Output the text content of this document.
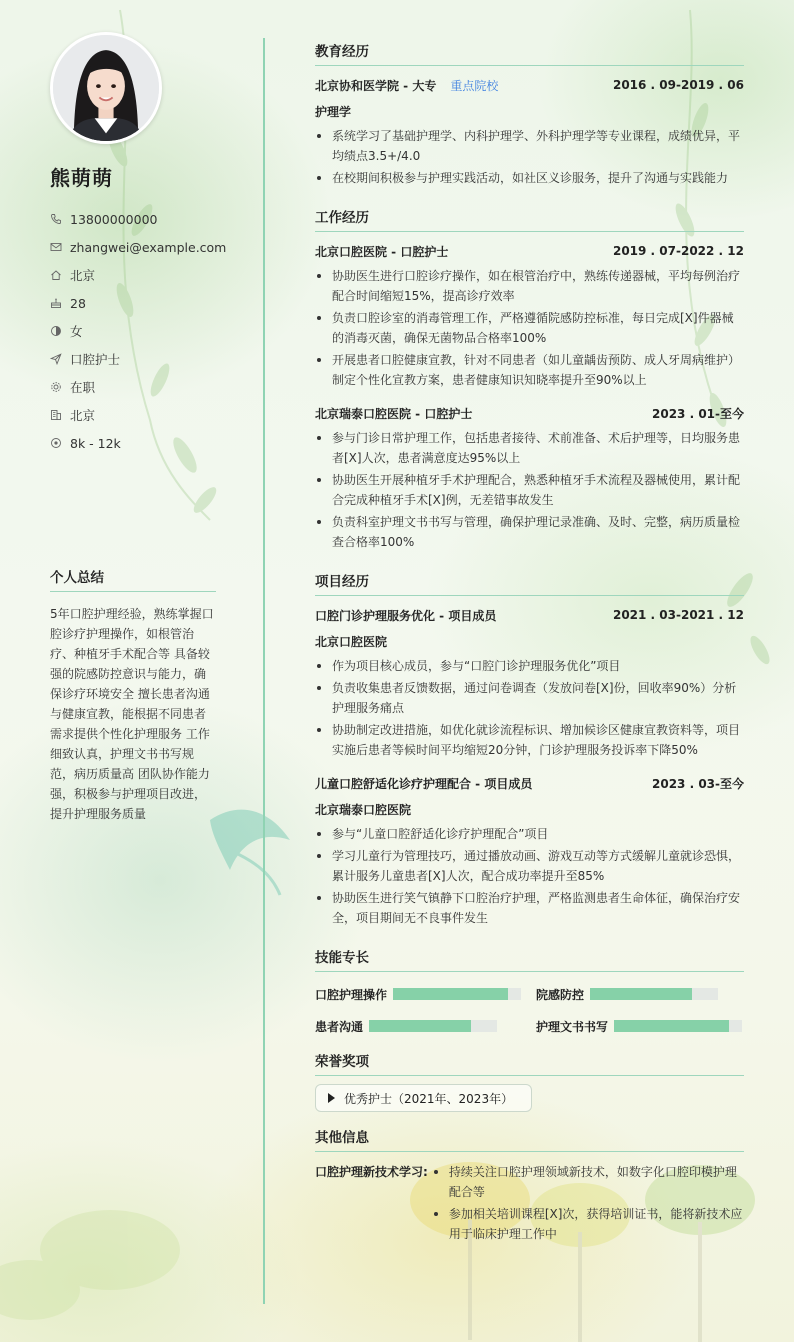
熊萌萌
13800000000
zhangwei@example.com
北京
28
女
口腔护士
在职
北京
8k - 12k
个人总结

5年口腔护理经验，熟练掌握口腔诊疗护理操作，如根管治疗、种植牙手术配合等 具备较强的院感防控意识与能力，确保诊疗环境安全 擅长患者沟通与健康宣教，能根据不同患者需求提供个性化护理服务 工作细致认真，护理文书书写规范，病历质量高 团队协作能力强，积极参与护理项目改进，提升护理服务质量

教育经历
北京协和医学院 - 大专 重点院校	2016 . 09-2019 . 06
护理学
系统学习了基础护理学、内科护理学、外科护理学等专业课程，成绩优异，平均绩点3.5+/4.0
在校期间积极参与护理实践活动，如社区义诊服务，提升了沟通与实践能力
工作经历
北京口腔医院 - 口腔护士	2019 . 07-2022 . 12
协助医生进行口腔诊疗操作，如在根管治疗中，熟练传递器械，平均每例治疗配合时间缩短15%，提高诊疗效率
负责口腔诊室的消毒管理工作，严格遵循院感防控标准，每日完成[X]件器械的消毒灭菌，确保无菌物品合格率100%
开展患者口腔健康宣教，针对不同患者（如儿童龋齿预防、成人牙周病维护）制定个性化宣教方案，患者健康知识知晓率提升至90%以上
北京瑞泰口腔医院 - 口腔护士	2023 . 01-至今
参与门诊日常护理工作，包括患者接待、术前准备、术后护理等，日均服务患者[X]人次，患者满意度达95%以上
协助医生开展种植牙手术护理配合，熟悉种植牙手术流程及器械使用，累计配合完成种植牙手术[X]例，无差错事故发生
负责科室护理文书书写与管理，确保护理记录准确、及时、完整，病历质量检查合格率100%
项目经历
口腔门诊护理服务优化 - 项目成员	2021 . 03-2021 . 12
北京口腔医院
作为项目核心成员，参与“口腔门诊护理服务优化”项目
负责收集患者反馈数据，通过问卷调查（发放问卷[X]份，回收率90%）分析护理服务痛点
协助制定改进措施，如优化就诊流程标识、增加候诊区健康宣教资料等，项目实施后患者等候时间平均缩短20分钟，门诊护理服务投诉率下降50%
儿童口腔舒适化诊疗护理配合 - 项目成员	2023 . 03-至今
北京瑞泰口腔医院
参与“儿童口腔舒适化诊疗护理配合”项目
学习儿童行为管理技巧，通过播放动画、游戏互动等方式缓解儿童就诊恐惧，累计服务儿童患者[X]人次，配合成功率提升至85%
协助医生进行笑气镇静下口腔治疗护理，严格监测患者生命体征，确保治疗安全，项目期间无不良事件发生
技能专长
口腔护理操作	院感防控
患者沟通	护理文书书写
荣誉奖项
优秀护士（2021年、2023年）
其他信息
口腔护理新技术学习:	持续关注口腔护理领域新技术，如数字化口腔印模护理配合等
参加相关培训课程[X]次，获得培训证书，能将新技术应用于临床护理工作中
